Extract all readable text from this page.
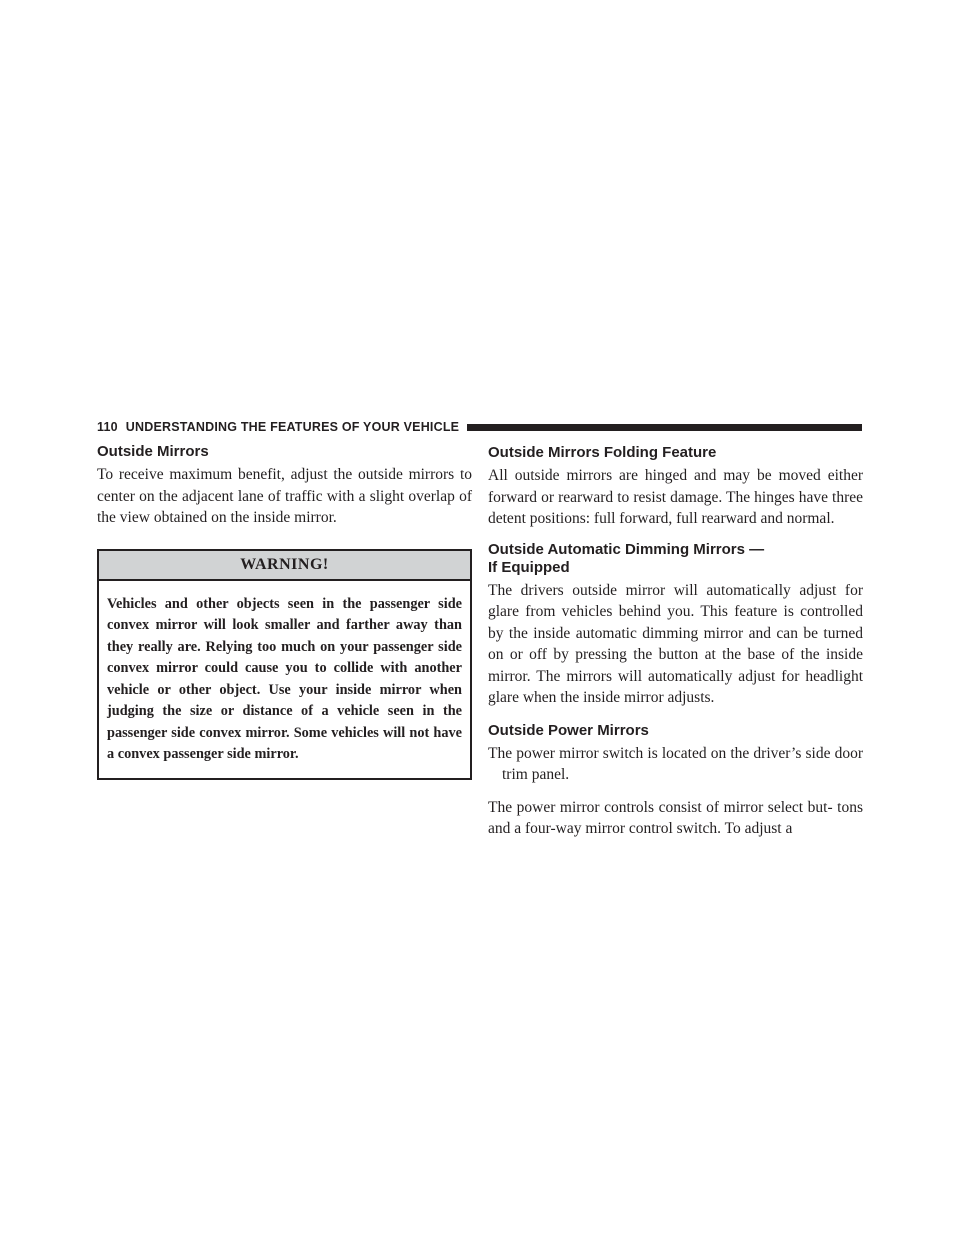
110 UNDERSTANDING THE FEATURES OF YOUR VEHICLE
Outside Mirrors

To receive maximum benefit, adjust the outside mirrors to center on the adjacent lane of traffic with a slight overlap of the view obtained on the inside mirror.

WARNING!
Vehicles and other objects seen in the passenger side convex mirror will look smaller and farther away than they really are. Relying too much on your passenger side convex mirror could cause you to collide with another vehicle or other object. Use your inside mirror when judging the size or distance of a vehicle seen in the passenger side convex mirror. Some vehicles will not have a convex passenger side mirror.
Outside Mirrors Folding Feature

All outside mirrors are hinged and may be moved either forward or rearward to resist damage. The hinges have three detent positions: full forward, full rearward and normal.

Outside Automatic Dimming Mirrors —
If Equipped

The drivers outside mirror will automatically adjust for glare from vehicles behind you. This feature is controlled by the inside automatic dimming mirror and can be turned on or off by pressing the button at the base of the inside mirror. The mirrors will automatically adjust for headlight glare when the inside mirror adjusts.

Outside Power Mirrors

The power mirror switch is located on the driver’s side door trim panel.

The power mirror controls consist of mirror select but- tons and a four-way mirror control switch. To adjust a
